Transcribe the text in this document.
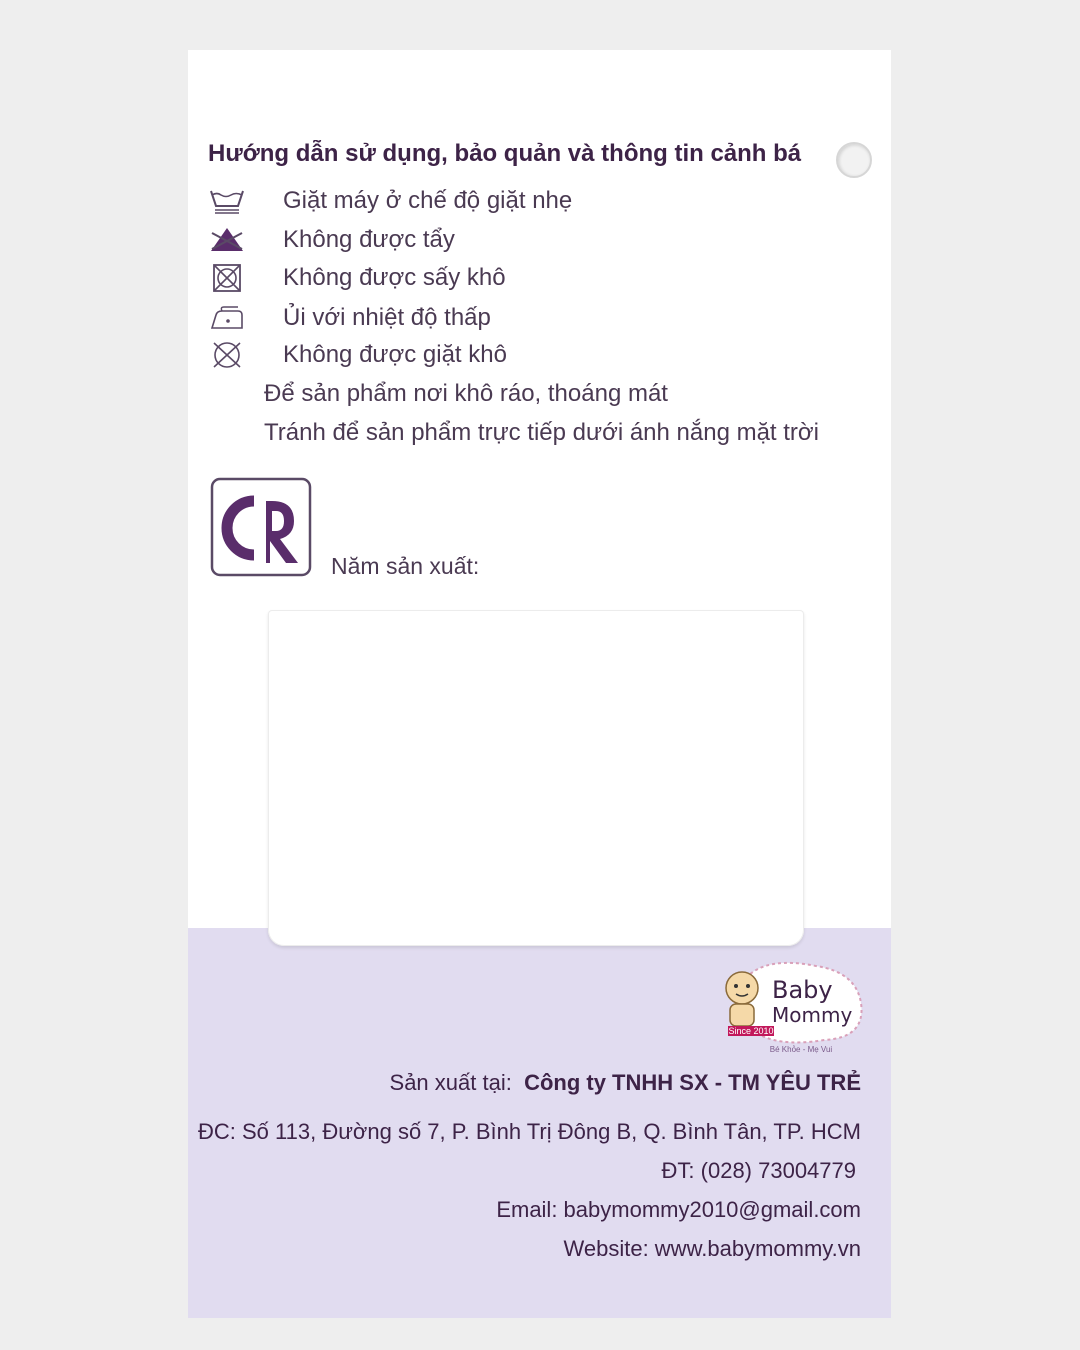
Hướng dẫn sử dụng, bảo quản và thông tin cảnh bá
Giặt máy ở chế độ giặt nhẹ
Không được tẩy
Không được sấy khô
Ủi với nhiệt độ thấp
Không được giặt khô
Để sản phẩm nơi khô ráo, thoáng mát
Tránh để sản phẩm trực tiếp dưới ánh nắng mặt trời
Năm sản xuất:
Since 2010
Baby
Mommy
Bé Khỏe - Mẹ Vui
Sản xuất tại: Công ty TNHH SX - TM YÊU TRẺ
ĐC: Số 113, Đường số 7, P. Bình Trị Đông B, Q. Bình Tân, TP. HCM
ĐT: (028) 73004779
Email: babymommy2010@gmail.com
Website: www.babymommy.vn
